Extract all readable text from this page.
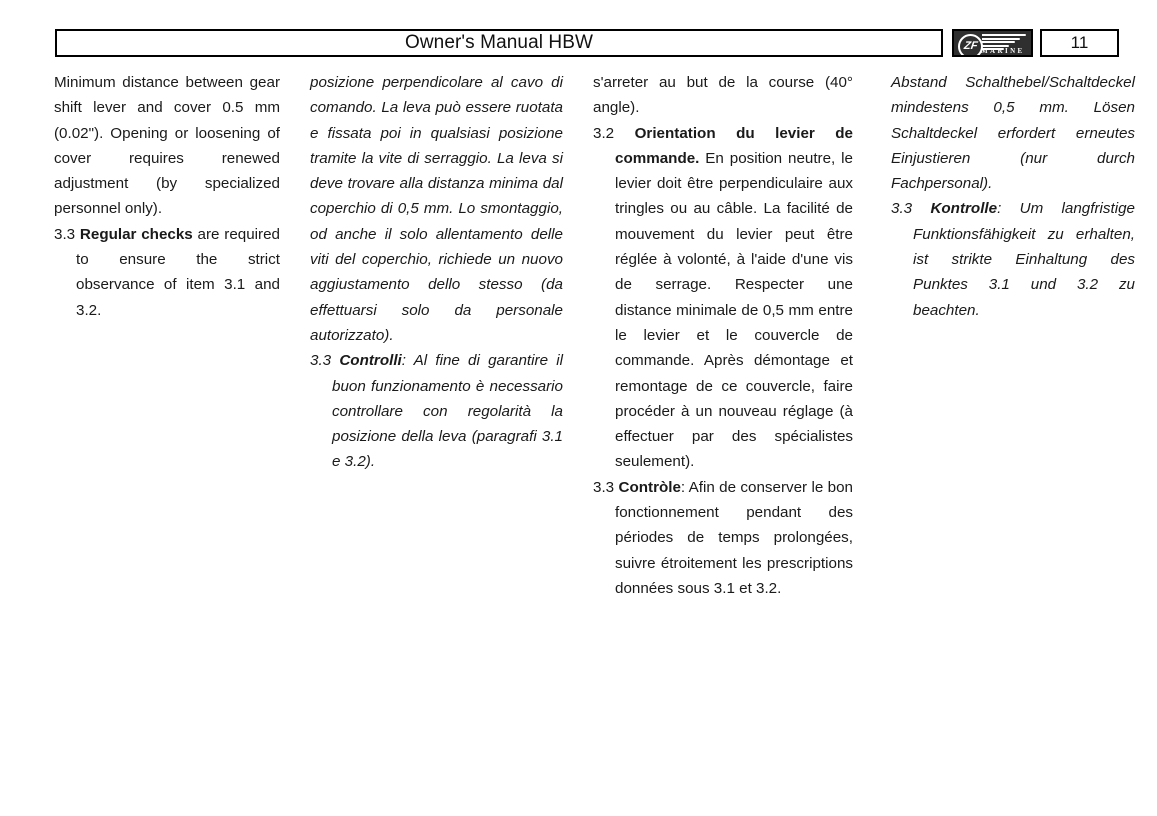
Owner's Manual HBW	ZF MARINE	11

Minimum distance between gear shift lever and cover 0.5 mm (0.02"). Opening or loosening of cover requires renewed adjustment (by specialized personnel only).

3.3 Regular checks are required to ensure the strict observance of item 3.1 and 3.2.

posizione perpendicolare al cavo di comando. La leva può essere ruotata e fissata poi in qualsiasi posizione tramite la vite di serraggio. La leva si deve trovare alla distanza minima dal coperchio di 0,5 mm. Lo smontaggio, od anche il solo allentamento delle viti del coperchio, richiede un nuovo aggiustamento dello stesso (da effettuarsi solo da personale autorizzato).

3.3 Controlli: Al fine di garantire il buon funzionamento è necessario controllare con regolarità la posizione della leva (paragrafi 3.1 e 3.2).

s'arreter au but de la course (40° angle).

3.2 Orientation du levier de commande. En position neutre, le levier doit être perpendiculaire aux tringles ou au câble. La facilité de mouvement du levier peut être réglée à volonté, à l'aide d'une vis de serrage. Respecter une distance minimale de 0,5 mm entre le levier et le couvercle de commande. Après démontage et remontage de ce couvercle, faire procéder à un nouveau réglage (à effectuer par des spécialistes seulement).

3.3 Contròle: Afin de conserver le bon fonctionnement pendant des périodes de temps prolongées, suivre étroitement les prescriptions données sous 3.1 et 3.2.

Abstand Schalthebel/Schaltdeckel mindestens 0,5 mm. Lösen Schaltdeckel erfordert erneutes Einjustieren (nur durch Fachpersonal).

3.3 Kontrolle: Um langfristige Funktionsfähigkeit zu erhalten, ist strikte Einhaltung des Punktes 3.1 und 3.2 zu beachten.
